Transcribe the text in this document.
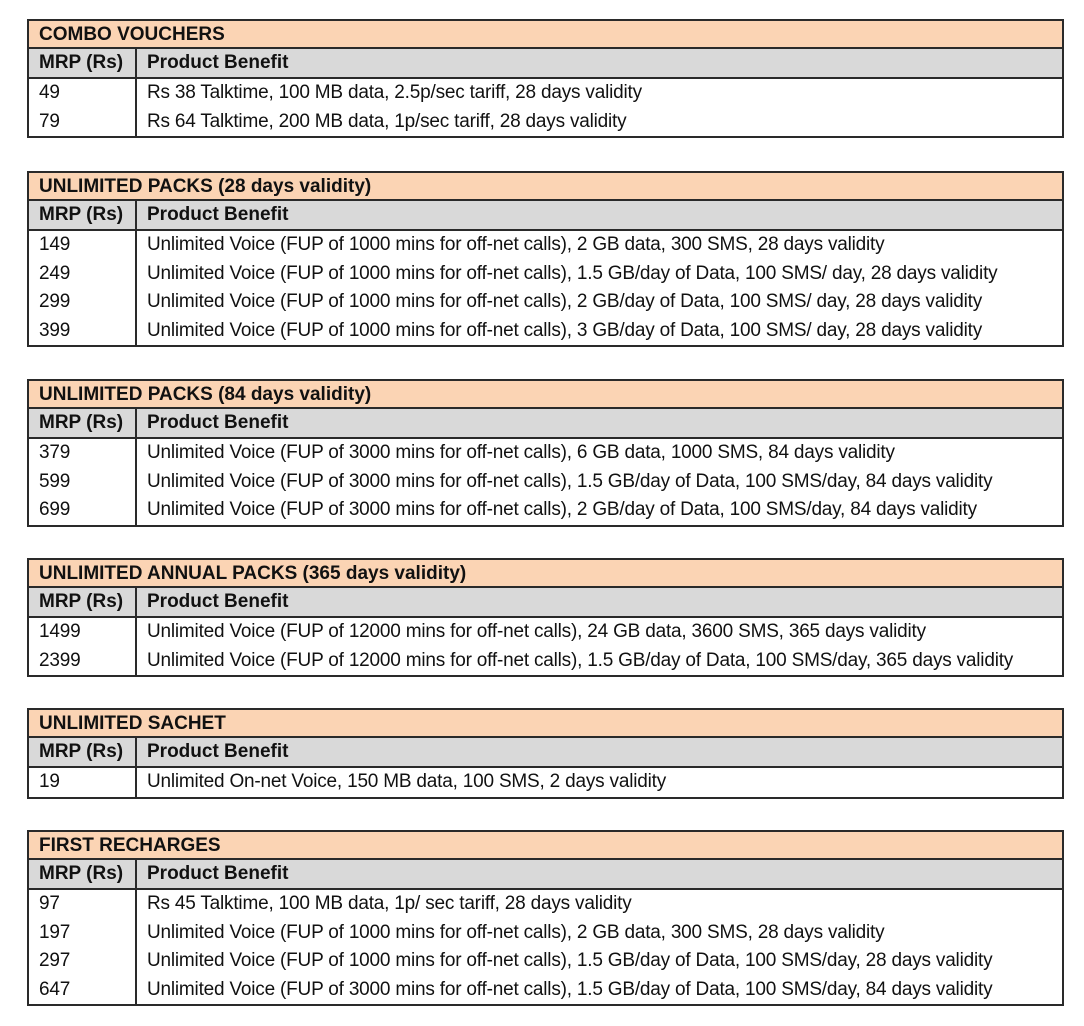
COMBO VOUCHERS
MRP (Rs)	Product Benefit
49	Rs 38 Talktime, 100 MB data, 2.5p/sec tariff, 28 days validity
79	Rs 64 Talktime, 200 MB data, 1p/sec tariff, 28 days validity
UNLIMITED PACKS (28 days validity)
MRP (Rs)	Product Benefit
149	Unlimited Voice (FUP of 1000 mins for off-net calls), 2 GB data, 300 SMS, 28 days validity
249	Unlimited Voice (FUP of 1000 mins for off-net calls), 1.5 GB/day of Data, 100 SMS/ day, 28 days validity
299	Unlimited Voice (FUP of 1000 mins for off-net calls), 2 GB/day of Data, 100 SMS/ day, 28 days validity
399	Unlimited Voice (FUP of 1000 mins for off-net calls), 3 GB/day of Data, 100 SMS/ day, 28 days validity
UNLIMITED PACKS (84 days validity)
MRP (Rs)	Product Benefit
379	Unlimited Voice (FUP of 3000 mins for off-net calls), 6 GB data, 1000 SMS, 84 days validity
599	Unlimited Voice (FUP of 3000 mins for off-net calls), 1.5 GB/day of Data, 100 SMS/day, 84 days validity
699	Unlimited Voice (FUP of 3000 mins for off-net calls), 2 GB/day of Data, 100 SMS/day, 84 days validity
UNLIMITED ANNUAL PACKS (365 days validity)
MRP (Rs)	Product Benefit
1499	Unlimited Voice (FUP of 12000 mins for off-net calls), 24 GB data, 3600 SMS, 365 days validity
2399	Unlimited Voice (FUP of 12000 mins for off-net calls), 1.5 GB/day of Data, 100 SMS/day, 365 days validity
UNLIMITED SACHET
MRP (Rs)	Product Benefit
19	Unlimited On-net Voice, 150 MB data, 100 SMS, 2 days validity
FIRST RECHARGES
MRP (Rs)	Product Benefit
97	Rs 45 Talktime, 100 MB data, 1p/ sec tariff, 28 days validity
197	Unlimited Voice (FUP of 1000 mins for off-net calls), 2 GB data, 300 SMS, 28 days validity
297	Unlimited Voice (FUP of 1000 mins for off-net calls), 1.5 GB/day of Data, 100 SMS/day, 28 days validity
647	Unlimited Voice (FUP of 3000 mins for off-net calls), 1.5 GB/day of Data, 100 SMS/day, 84 days validity
